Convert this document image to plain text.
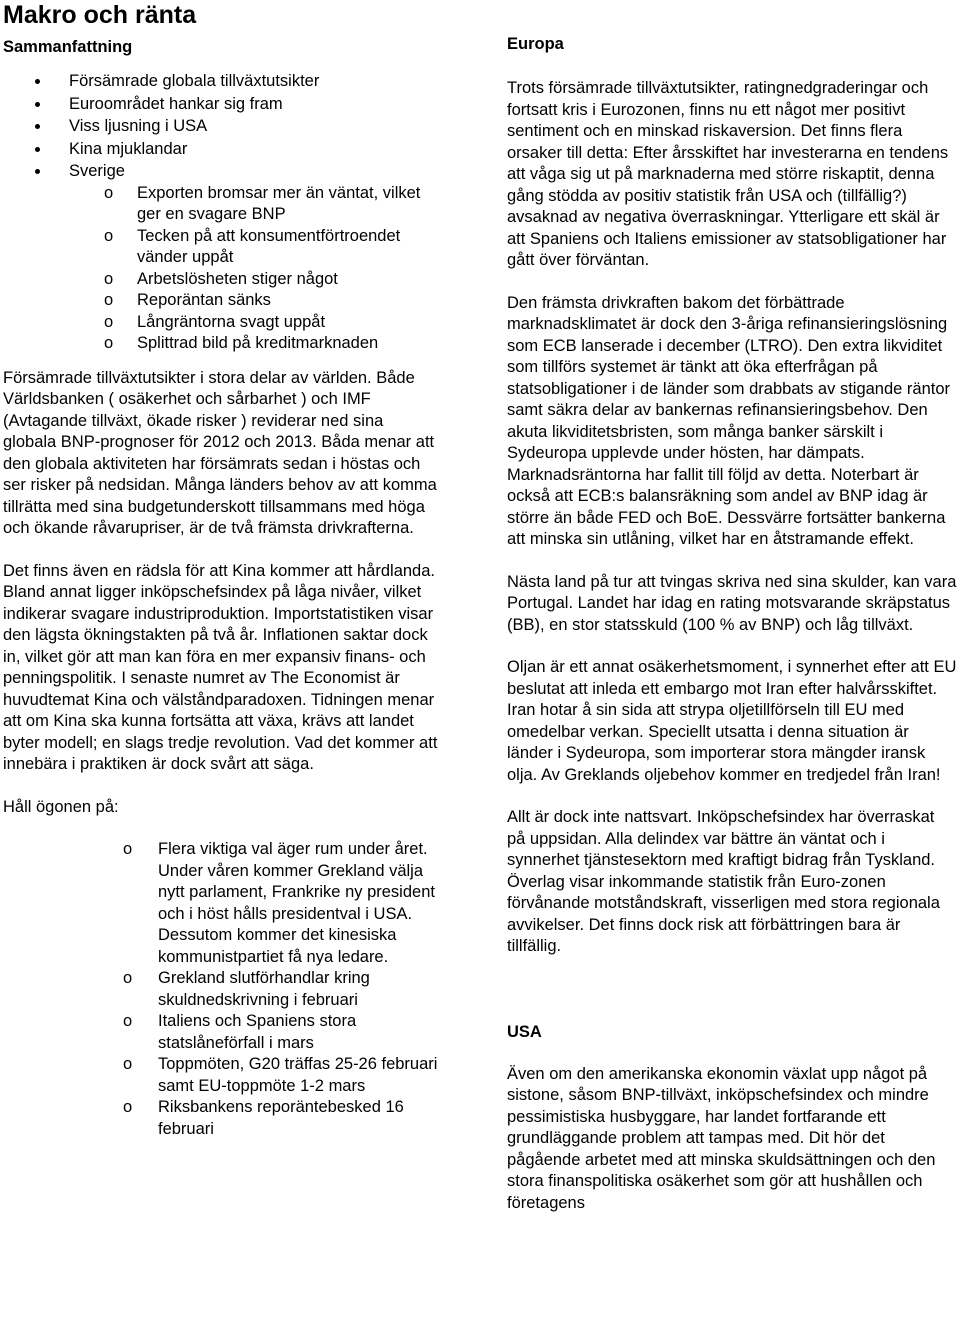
Makro och ränta
Sammanfattning
Försämrade globala tillväxtutsikter
Euroområdet hankar sig fram
Viss ljusning i USA
Kina mjuklandar
Sverige
o Exporten bromsar mer än väntat, vilket ger en svagare BNP
o Tecken på att konsumentförtroendet vänder uppåt
o Arbetslösheten stiger något
o Reporäntan sänks
o Långräntorna svagt uppåt
o Splittrad bild på kreditmarknaden

Försämrade tillväxtutsikter i stora delar av världen. Både Världsbanken ( osäkerhet och sårbarhet ) och IMF (Avtagande tillväxt, ökade risker ) reviderar ned sina globala BNP-prognoser för 2012 och 2013. Båda menar att den globala aktiviteten har försämrats sedan i höstas och ser risker på nedsidan. Många länders behov av att komma tillrätta med sina budgetunderskott tillsammans med höga och ökande råvarupriser, är de två främsta drivkrafterna.

Det finns även en rädsla för att Kina kommer att hårdlanda. Bland annat ligger inköpschefsindex på låga nivåer, vilket indikerar svagare industriproduktion. Importstatistiken visar den lägsta ökningstakten på två år. Inflationen saktar dock in, vilket gör att man kan föra en mer expansiv finans- och penningspolitik. I senaste numret av The Economist är huvudtemat Kina och välståndparadoxen. Tidningen menar att om Kina ska kunna fortsätta att växa, krävs att landet byter modell; en slags tredje revolution. Vad det kommer att innebära i praktiken är dock svårt att säga.

Håll ögonen på:

o Flera viktiga val äger rum under året. Under våren kommer Grekland välja nytt parlament, Frankrike ny president och i höst hålls presidentval i USA. Dessutom kommer det kinesiska kommunistpartiet få nya ledare.
o Grekland slutförhandlar kring skuldnedskrivning i februari
o Italiens och Spaniens stora statslåneförfall i mars
o Toppmöten, G20 träffas 25-26 februari samt EU-toppmöte 1-2 mars
o Riksbankens reporäntebesked 16 februari
Europa

Trots försämrade tillväxtutsikter, ratingnedgraderingar och fortsatt kris i Eurozonen, finns nu ett något mer positivt sentiment och en minskad riskaversion. Det finns flera orsaker till detta: Efter årsskiftet har investerarna en tendens att våga sig ut på marknaderna med större riskaptit, denna gång stödda av positiv statistik från USA och (tillfällig?) avsaknad av negativa överraskningar. Ytterligare ett skäl är att Spaniens och Italiens emissioner av statsobligationer har gått över förväntan.

Den främsta drivkraften bakom det förbättrade marknadsklimatet är dock den 3-åriga refinansieringslösning som ECB lanserade i december (LTRO). Den extra likviditet som tillförs systemet är tänkt att öka efterfrågan på statsobligationer i de länder som drabbats av stigande räntor samt säkra delar av bankernas refinansieringsbehov. Den akuta likviditetsbristen, som många banker särskilt i Sydeuropa upplevde under hösten, har dämpats. Marknadsräntorna har fallit till följd av detta. Noterbart är också att ECB:s balansräkning som andel av BNP idag är större än både FED och BoE. Dessvärre fortsätter bankerna att minska sin utlåning, vilket har en åtstramande effekt.

Nästa land på tur att tvingas skriva ned sina skulder, kan vara Portugal. Landet har idag en rating motsvarande skräpstatus (BB), en stor statsskuld (100 % av BNP) och låg tillväxt.

Oljan är ett annat osäkerhetsmoment, i synnerhet efter att EU beslutat att inleda ett embargo mot Iran efter halvårsskiftet. Iran hotar å sin sida att strypa oljetillförseln till EU med omedelbar verkan. Speciellt utsatta i denna situation är länder i Sydeuropa, som importerar stora mängder iransk olja. Av Greklands oljebehov kommer en tredjedel från Iran!

Allt är dock inte nattsvart. Inköpschefsindex har överraskat på uppsidan. Alla delindex var bättre än väntat och i synnerhet tjänstesektorn med kraftigt bidrag från Tyskland. Överlag visar inkommande statistik från Euro-zonen förvånande motståndskraft, visserligen med stora regionala avvikelser. Det finns dock risk att förbättringen bara är tillfällig.

USA

Även om den amerikanska ekonomin växlat upp något på sistone, såsom BNP-tillväxt, inköpschefsindex och mindre pessimistiska husbyggare, har landet fortfarande ett grundläggande problem att tampas med. Dit hör det pågående arbetet med att minska skuldsättningen och den stora finanspolitiska osäkerhet som gör att hushållen och företagens
